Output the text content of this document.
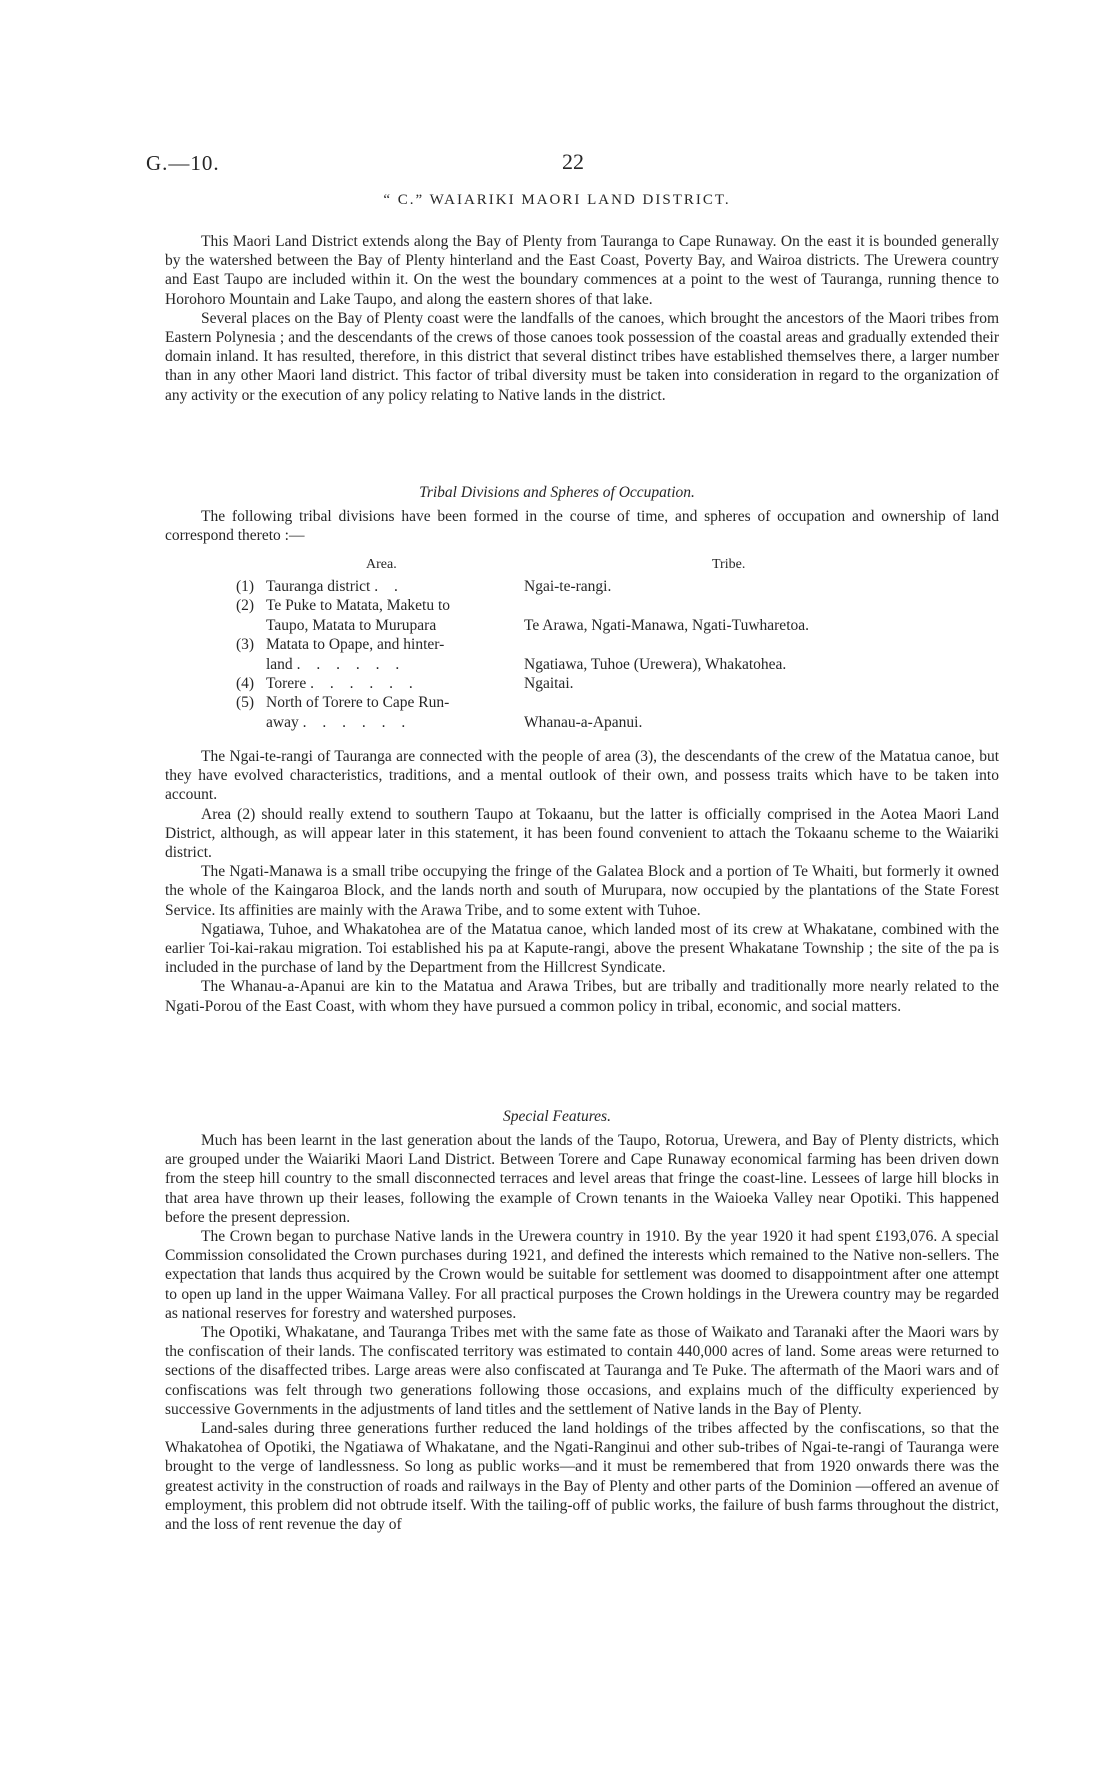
G.—10.	22
“ C.” WAIARIKI MAORI LAND DISTRICT.

This Maori Land District extends along the Bay of Plenty from Tauranga to Cape Runaway. On the east it is bounded generally by the watershed between the Bay of Plenty hinterland and the East Coast, Poverty Bay, and Wairoa districts. The Urewera country and East Taupo are included within it. On the west the boundary commences at a point to the west of Tauranga, running thence to Horohoro Mountain and Lake Taupo, and along the eastern shores of that lake.

Several places on the Bay of Plenty coast were the landfalls of the canoes, which brought the ancestors of the Maori tribes from Eastern Polynesia ; and the descendants of the crews of those canoes took possession of the coastal areas and gradually extended their domain inland. It has resulted, therefore, in this district that several distinct tribes have established themselves there, a larger number than in any other Maori land district. This factor of tribal diversity must be taken into consideration in regard to the organization of any activity or the execution of any policy relating to Native lands in the district.

Tribal Divisions and Spheres of Occupation.

The following tribal divisions have been formed in the course of time, and spheres of occupation and ownership of land correspond thereto :—

Area.	Tribe.
(1) Tauranga district . .	Ngai-te-rangi.
(2) Te Puke to Matata, Maketu to
Taupo, Matata to Murupara	Te Arawa, Ngati-Manawa, Ngati-Tuwharetoa.
(3) Matata to Opape, and hinter-
land . . . . . .	Ngatiawa, Tuhoe (Urewera), Whakatohea.
(4) Torere . . . . . .	Ngaitai.
(5) North of Torere to Cape Run-
away . . . . . .	Whanau-a-Apanui.

The Ngai-te-rangi of Tauranga are connected with the people of area (3), the descendants of the crew of the Matatua canoe, but they have evolved characteristics, traditions, and a mental outlook of their own, and possess traits which have to be taken into account.

Area (2) should really extend to southern Taupo at Tokaanu, but the latter is officially comprised in the Aotea Maori Land District, although, as will appear later in this statement, it has been found convenient to attach the Tokaanu scheme to the Waiariki district.

The Ngati-Manawa is a small tribe occupying the fringe of the Galatea Block and a portion of Te Whaiti, but formerly it owned the whole of the Kaingaroa Block, and the lands north and south of Murupara, now occupied by the plantations of the State Forest Service. Its affinities are mainly with the Arawa Tribe, and to some extent with Tuhoe.

Ngatiawa, Tuhoe, and Whakatohea are of the Matatua canoe, which landed most of its crew at Whakatane, combined with the earlier Toi-kai-rakau migration. Toi established his pa at Kapute-rangi, above the present Whakatane Township ; the site of the pa is included in the purchase of land by the Department from the Hillcrest Syndicate.

The Whanau-a-Apanui are kin to the Matatua and Arawa Tribes, but are tribally and traditionally more nearly related to the Ngati-Porou of the East Coast, with whom they have pursued a common policy in tribal, economic, and social matters.

Special Features.

Much has been learnt in the last generation about the lands of the Taupo, Rotorua, Urewera, and Bay of Plenty districts, which are grouped under the Waiariki Maori Land District. Between Torere and Cape Runaway economical farming has been driven down from the steep hill country to the small disconnected terraces and level areas that fringe the coast-line. Lessees of large hill blocks in that area have thrown up their leases, following the example of Crown tenants in the Waioeka Valley near Opotiki. This happened before the present depression.

The Crown began to purchase Native lands in the Urewera country in 1910. By the year 1920 it had spent £193,076. A special Commission consolidated the Crown purchases during 1921, and defined the interests which remained to the Native non-sellers. The expectation that lands thus acquired by the Crown would be suitable for settlement was doomed to disappointment after one attempt to open up land in the upper Waimana Valley. For all practical purposes the Crown holdings in the Urewera country may be regarded as national reserves for forestry and watershed purposes.

The Opotiki, Whakatane, and Tauranga Tribes met with the same fate as those of Waikato and Taranaki after the Maori wars by the confiscation of their lands. The confiscated territory was estimated to contain 440,000 acres of land. Some areas were returned to sections of the disaffected tribes. Large areas were also confiscated at Tauranga and Te Puke. The aftermath of the Maori wars and of confiscations was felt through two generations following those occasions, and explains much of the difficulty experienced by successive Governments in the adjustments of land titles and the settlement of Native lands in the Bay of Plenty.

Land-sales during three generations further reduced the land holdings of the tribes affected by the confiscations, so that the Whakatohea of Opotiki, the Ngatiawa of Whakatane, and the Ngati-Ranginui and other sub-tribes of Ngai-te-rangi of Tauranga were brought to the verge of landlessness. So long as public works—and it must be remembered that from 1920 onwards there was the greatest activity in the construction of roads and railways in the Bay of Plenty and other parts of the Dominion —offered an avenue of employment, this problem did not obtrude itself. With the tailing-off of public works, the failure of bush farms throughout the district, and the loss of rent revenue the day of
